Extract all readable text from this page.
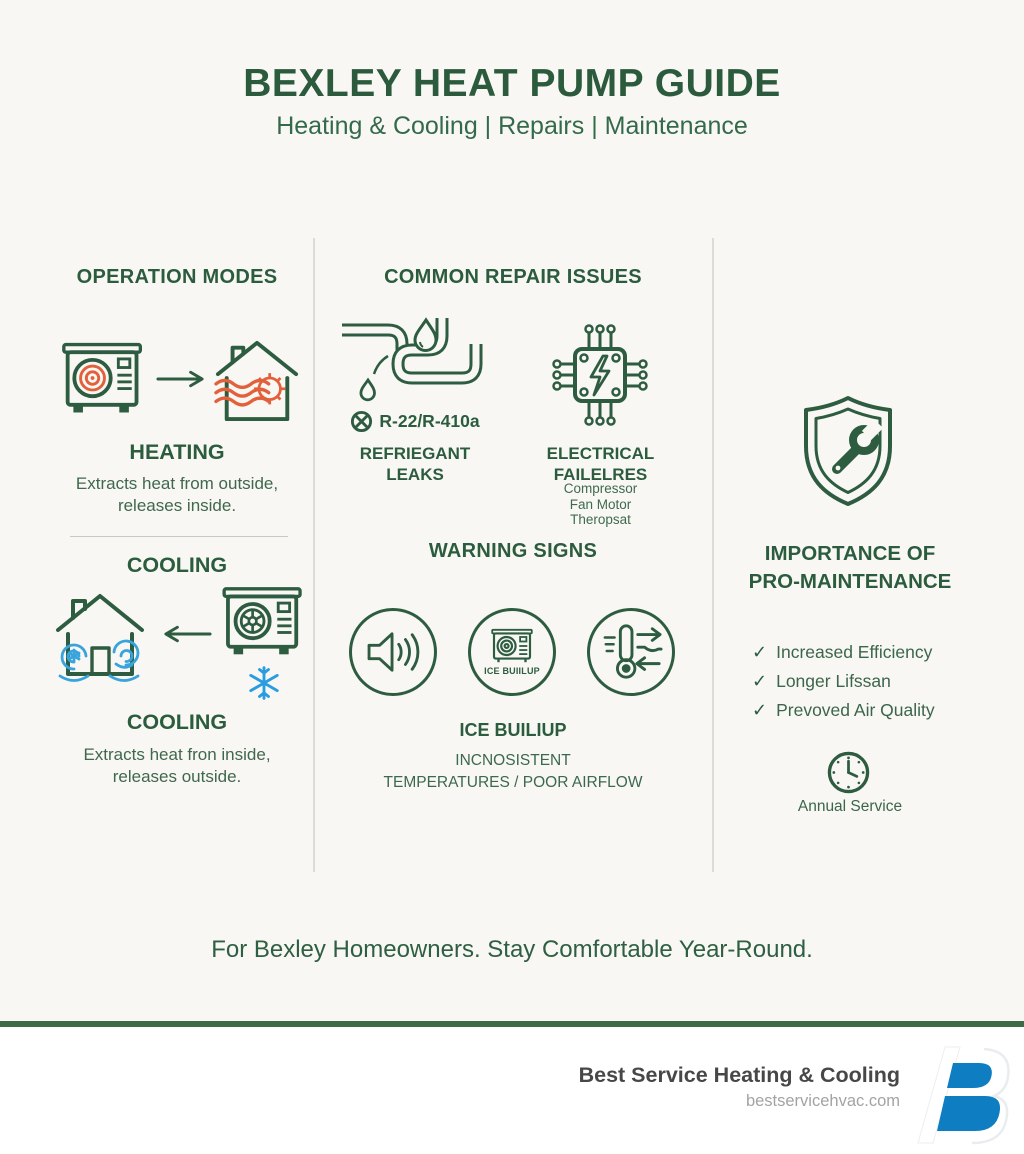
BEXLEY HEAT PUMP GUIDE
Heating & Cooling | Repairs | Maintenance
OPERATION MODES
HEATING
Extracts heat from outside,
releases inside.
COOLING
COOLING
Extracts heat fron inside,
releases outside.
COMMON REPAIR ISSUES
R-22/R-410a
REFRIEGANT
LEAKS
ELECTRICAL
FAILELRES
Compressor
Fan Motor
Theropsat
WARNING SIGNS
ICE BUIILUP
ICE BUILIUP
INCNOSISTENT
TEMPERATURES / POOR AIRFLOW
IMPORTANCE OF
PRO-MAINTENANCE
✓ Increased Efficiency
✓ Longer Lifssan
✓ Prevoved Air Quality
Annual Service
For Bexley Homeowners. Stay Comfortable Year-Round.
Best Service Heating & Cooling
bestservicehvac.com
